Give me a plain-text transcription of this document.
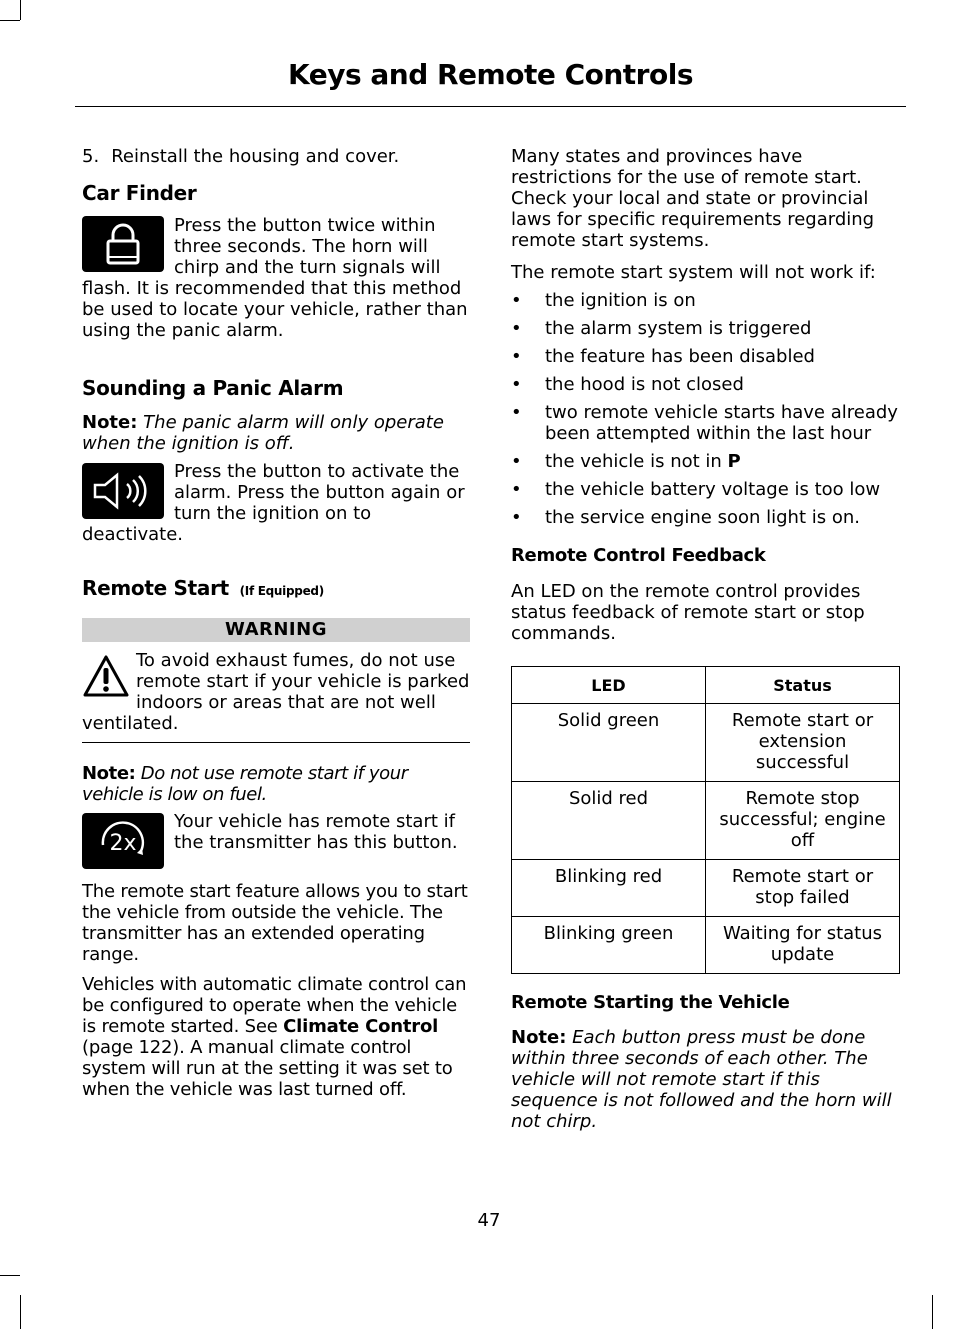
Keys and Remote Controls
5. Reinstall the housing and cover.
Car Finder

Press the button twice within three seconds. The horn will chirp and the turn signals will flash. It is recommended that this method be used to locate your vehicle, rather than using the panic alarm.

Sounding a Panic Alarm

Note: The panic alarm will only operate when the ignition is off.

Press the button to activate the alarm. Press the button again or turn the ignition on to deactivate.

Remote Start (If Equipped)
WARNING

To avoid exhaust fumes, do not use remote start if your vehicle is parked indoors or areas that are not well ventilated.

Note: Do not use remote start if your vehicle is low on fuel.

2x

Your vehicle has remote start if the transmitter has this button.

The remote start feature allows you to start the vehicle from outside the vehicle. The transmitter has an extended operating range.

Vehicles with automatic climate control can be configured to operate when the vehicle is remote started. See Climate Control (page 122). A manual climate control system will run at the setting it was set to when the vehicle was last turned off.

Many states and provinces have restrictions for the use of remote start. Check your local and state or provincial laws for specific requirements regarding remote start systems.

The remote start system will not work if:

• the ignition is on
• the alarm system is triggered
• the feature has been disabled
• the hood is not closed
• two remote vehicle starts have already been attempted within the last hour
• the vehicle is not in P
• the vehicle battery voltage is too low
• the service engine soon light is on.
Remote Control Feedback

An LED on the remote control provides status feedback of remote start or stop commands.

LED	Status
Solid green	Remote start or extension successful
Solid red	Remote stop successful; engine off
Blinking red	Remote start or stop failed
Blinking green	Waiting for status update
Remote Starting the Vehicle

Note: Each button press must be done within three seconds of each other. The vehicle will not remote start if this sequence is not followed and the horn will not chirp.

47
